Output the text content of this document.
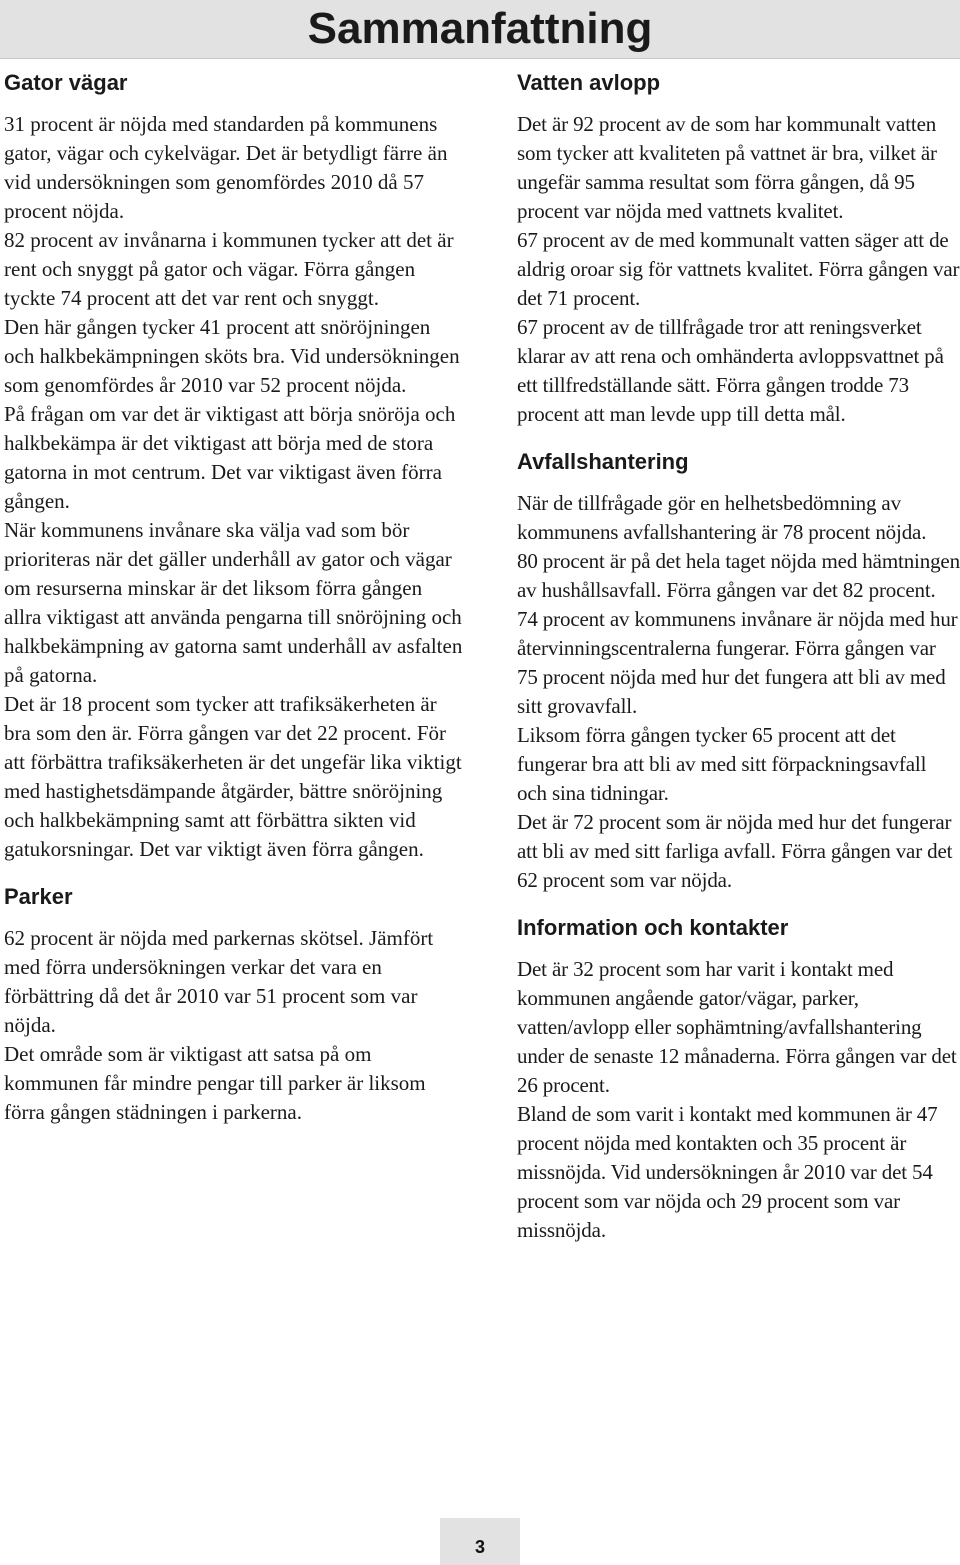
Sammanfattning
Gator vägar

31 procent är nöjda med standarden på kommunens gator, vägar och cykelvägar. Det är betydligt färre än vid undersökningen som genomfördes 2010 då 57 procent nöjda.

82 procent av invånarna i kommunen tycker att det är rent och snyggt på gator och vägar. Förra gången tyckte 74 procent att det var rent och snyggt.

Den här gången tycker 41 procent att snöröjningen och halkbekämpningen sköts bra. Vid undersökningen som genomfördes år 2010 var 52 procent nöjda.

På frågan om var det är viktigast att börja snöröja och halkbekämpa är det viktigast att börja med de stora gatorna in mot centrum. Det var viktigast även förra gången.

När kommunens invånare ska välja vad som bör prioriteras när det gäller underhåll av gator och vägar om resurserna minskar är det liksom förra gången allra viktigast att använda pengarna till snöröjning och halkbekämpning av gatorna samt underhåll av asfalten på gatorna.

Det är 18 procent som tycker att trafiksäkerheten är bra som den är. Förra gången var det 22 procent. För att förbättra trafiksäkerheten är det ungefär lika viktigt med hastighetsdämpande åtgärder, bättre snöröjning och halkbekämpning samt att förbättra sikten vid gatukorsningar. Det var viktigt även förra gången.

Parker

62 procent är nöjda med parkernas skötsel. Jämfört med förra undersökningen verkar det vara en förbättring då det år 2010 var 51 procent som var nöjda.

Det område som är viktigast att satsa på om kommunen får mindre pengar till parker är liksom förra gången städningen i parkerna.

Vatten avlopp

Det är 92 procent av de som har kommunalt vatten som tycker att kvaliteten på vattnet är bra, vilket är ungefär samma resultat som förra gången, då 95 procent var nöjda med vattnets kvalitet.

67 procent av de med kommunalt vatten säger att de aldrig oroar sig för vattnets kvalitet. Förra gången var det 71 procent.

67 procent av de tillfrågade tror att reningsverket klarar av att rena och omhänderta avloppsvattnet på ett tillfredställande sätt. Förra gången trodde 73 procent att man levde upp till detta mål.

Avfallshantering

När de tillfrågade gör en helhetsbedömning av kommunens avfallshantering är 78 procent nöjda.

80 procent är på det hela taget nöjda med hämtningen av hushållsavfall. Förra gången var det 82 procent.

74 procent av kommunens invånare är nöjda med hur återvinningscentralerna fungerar. Förra gången var 75 procent nöjda med hur det fungera att bli av med sitt grovavfall.

Liksom förra gången tycker 65 procent att det fungerar bra att bli av med sitt förpackningsavfall och sina tidningar.

Det är 72 procent som är nöjda med hur det fungerar att bli av med sitt farliga avfall. Förra gången var det 62 procent som var nöjda.

Information och kontakter

Det är 32 procent som har varit i kontakt med kommunen angående gator/vägar, parker, vatten/avlopp eller sophämtning/avfallshantering under de senaste 12 månaderna. Förra gången var det 26 procent.

Bland de som varit i kontakt med kommunen är 47 procent nöjda med kontakten och 35 procent är missnöjda. Vid undersökningen år 2010 var det 54 procent som var nöjda och 29 procent som var missnöjda.

3
